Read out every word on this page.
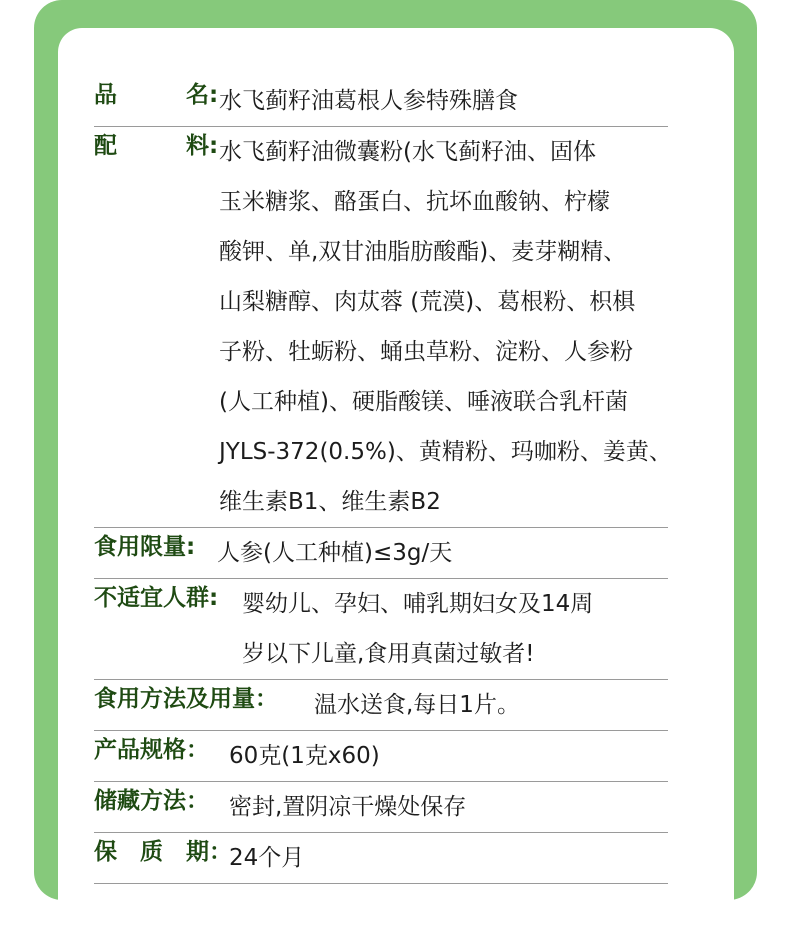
品　　　名: 水飞蓟籽油葛根人参特殊膳食
配　　　料: 水飞蓟籽油微囊粉(水飞蓟籽油、固体
玉米糖浆、酪蛋白、抗坏血酸钠、柠檬
酸钾、单,双甘油脂肪酸酯)、麦芽糊精、
山梨糖醇、肉苁蓉 (荒漠)、葛根粉、枳椇
子粉、牡蛎粉、蛹虫草粉、淀粉、人参粉
(人工种植)、硬脂酸镁、唾液联合乳杆菌
JYLS-372(0.5%)、黄精粉、玛咖粉、姜黄、
维生素B1、维生素B2
食用限量: 人参(人工种植)≤3g/天
不适宜人群:	婴幼儿、孕妇、哺乳期妇女及14周
岁以下儿童,食用真菌过敏者!
食用方法及用量：	温水送食,每日1片。
产品规格： 60克(1克x60)
储藏方法： 密封,置阴凉干燥处保存
保　质　期：
24个月
